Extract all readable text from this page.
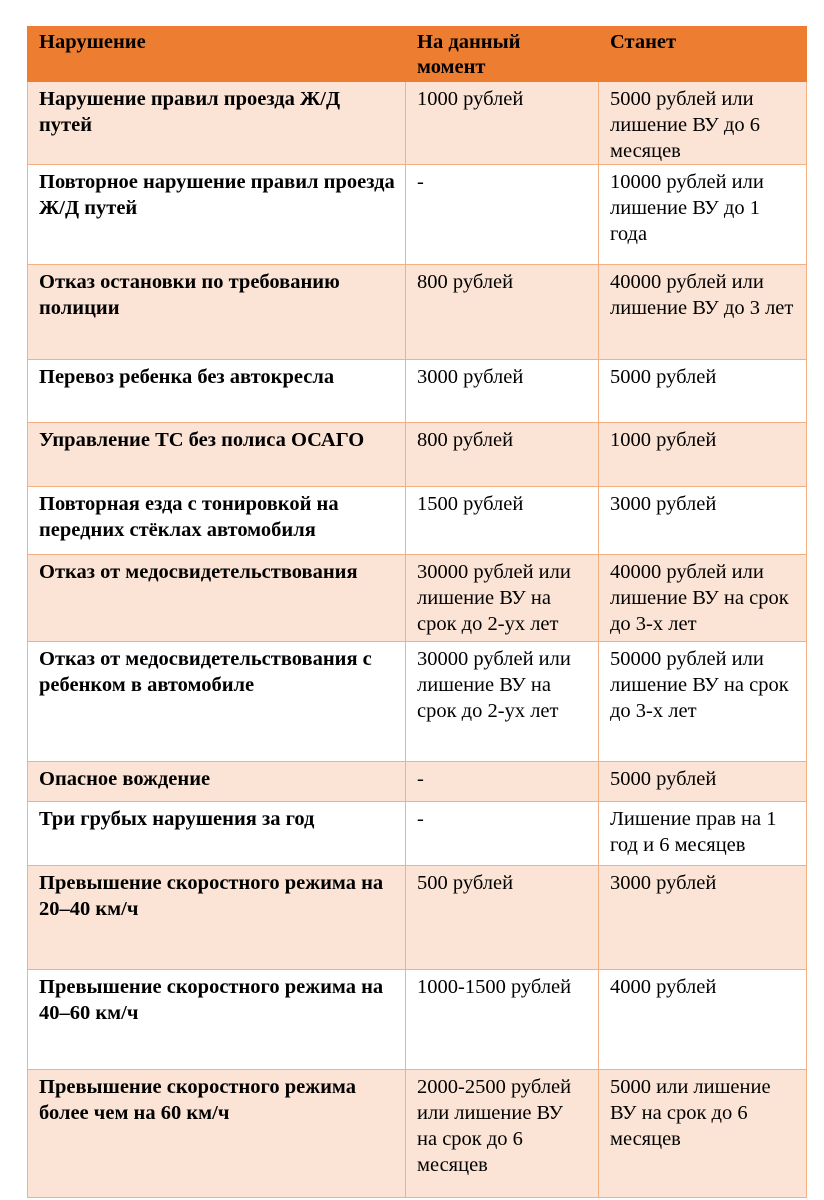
Нарушение	На данный момент	Станет

Нарушение правил проезда Ж/Д путей	1000 рублей	5000 рублей или лишение ВУ до 6 месяцев
Повторное нарушение правил проезда Ж/Д путей	-	10000 рублей или лишение ВУ до 1 года
Отказ остановки по требованию полиции	800 рублей	40000 рублей или лишение ВУ до 3 лет
Перевоз ребенка без автокресла	3000 рублей	5000 рублей
Управление ТС без полиса ОСАГО	800 рублей	1000 рублей
Повторная езда с тонировкой на передних стёклах автомобиля	1500 рублей	3000 рублей
Отказ от медосвидетельствования	30000 рублей или лишение ВУ на срок до 2-ух лет	40000 рублей или лишение ВУ на срок до 3-х лет
Отказ от медосвидетельствования с ребенком в автомобиле	30000 рублей или лишение ВУ на срок до 2-ух лет	50000 рублей или лишение ВУ на срок до 3-х лет
Опасное вождение	-	5000 рублей
Три грубых нарушения за год	-	Лишение прав на 1 год и 6 месяцев
Превышение скоростного режима на 20–40 км/ч	500 рублей	3000 рублей
Превышение скоростного режима на 40–60 км/ч	1000-1500 рублей	4000 рублей
Превышение скоростного режима более чем на 60 км/ч	2000-2500 рублей или лишение ВУ на срок до 6 месяцев	5000 или лишение ВУ на срок до 6 месяцев
